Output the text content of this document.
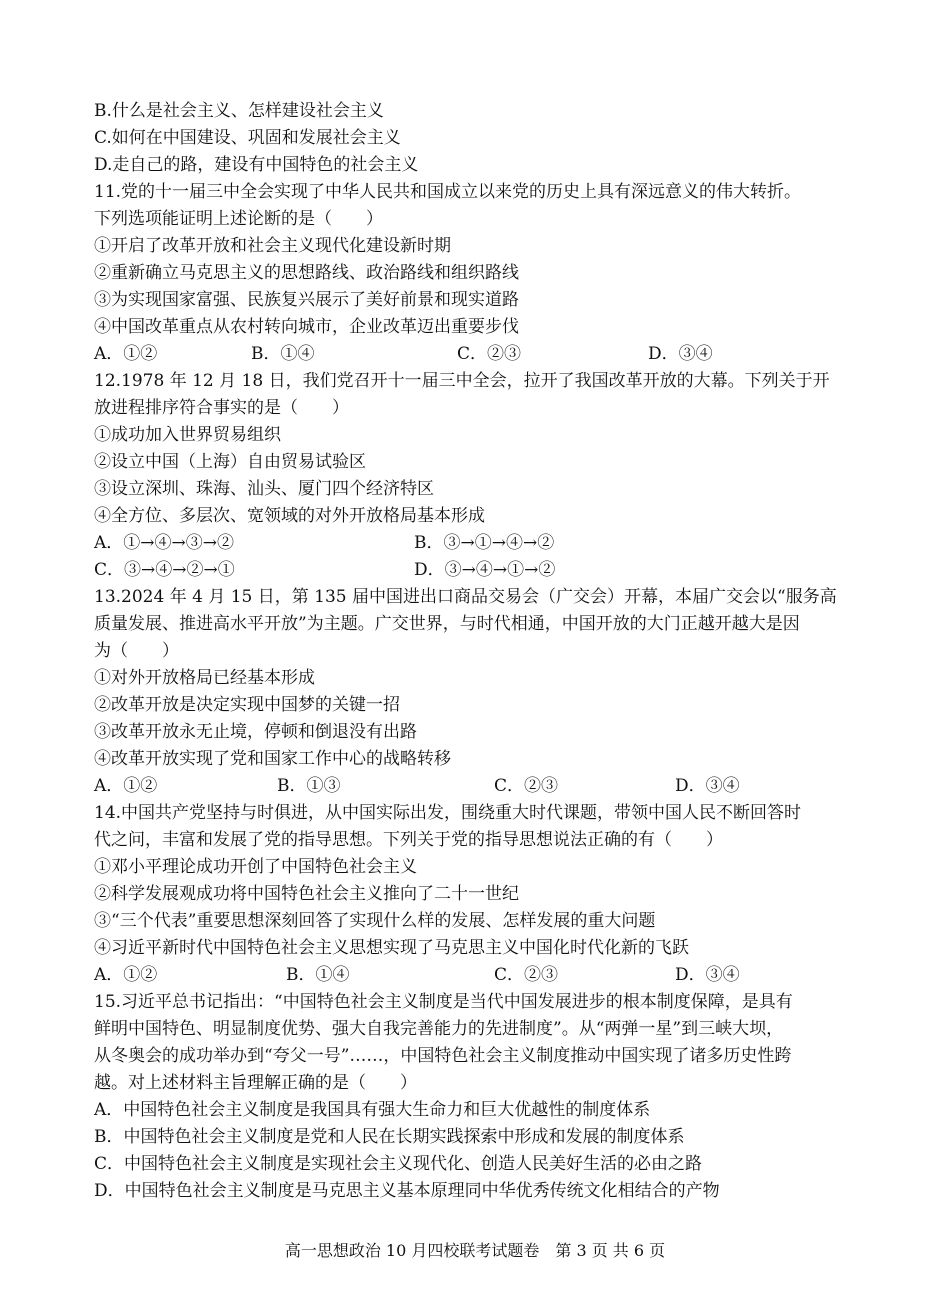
B.什么是社会主义、怎样建设社会主义
C.如何在中国建设、巩固和发展社会主义
D.走自己的路，建设有中国特色的社会主义
11.党的十一届三中全会实现了中华人民共和国成立以来党的历史上具有深远意义的伟大转折。
下列选项能证明上述论断的是（　　）
①开启了改革开放和社会主义现代化建设新时期
②重新确立马克思主义的思想路线、政治路线和组织路线
③为实现国家富强、民族复兴展示了美好前景和现实道路
④中国改革重点从农村转向城市，企业改革迈出重要步伐
A．①②	B．①④	C．②③	D．③④
12.1978 年 12 月 18 日，我们党召开十一届三中全会，拉开了我国改革开放的大幕。下列关于开
放进程排序符合事实的是（　　）
①成功加入世界贸易组织
②设立中国（上海）自由贸易试验区
③设立深圳、珠海、汕头、厦门四个经济特区
④全方位、多层次、宽领域的对外开放格局基本形成
A．①→④→③→②	B．③→①→④→②
C．③→④→②→①	D．③→④→①→②
13.2024 年 4 月 15 日，第 135 届中国进出口商品交易会（广交会）开幕，本届广交会以“服务高
质量发展、推进高水平开放”为主题。广交世界，与时代相通，中国开放的大门正越开越大是因
为（　　）
①对外开放格局已经基本形成
②改革开放是决定实现中国梦的关键一招
③改革开放永无止境，停顿和倒退没有出路
④改革开放实现了党和国家工作中心的战略转移
A．①②	B．①③	C．②③	D．③④
14.中国共产党坚持与时俱进，从中国实际出发，围绕重大时代课题，带领中国人民不断回答时
代之问，丰富和发展了党的指导思想。下列关于党的指导思想说法正确的有（　　）
①邓小平理论成功开创了中国特色社会主义
②科学发展观成功将中国特色社会主义推向了二十一世纪
③“三个代表”重要思想深刻回答了实现什么样的发展、怎样发展的重大问题
④习近平新时代中国特色社会主义思想实现了马克思主义中国化时代化新的飞跃
A．①②	B．①④	C．②③	D．③④
15.习近平总书记指出：“中国特色社会主义制度是当代中国发展进步的根本制度保障，是具有
鲜明中国特色、明显制度优势、强大自我完善能力的先进制度”。从“两弹一星”到三峡大坝，
从冬奥会的成功举办到“夸父一号”……，中国特色社会主义制度推动中国实现了诸多历史性跨
越。对上述材料主旨理解正确的是（　　）
A．中国特色社会主义制度是我国具有强大生命力和巨大优越性的制度体系
B．中国特色社会主义制度是党和人民在长期实践探索中形成和发展的制度体系
C．中国特色社会主义制度是实现社会主义现代化、创造人民美好生活的必由之路
D．中国特色社会主义制度是马克思主义基本原理同中华优秀传统文化相结合的产物
高一思想政治 10 月四校联考试题卷　第 3 页 共 6 页
